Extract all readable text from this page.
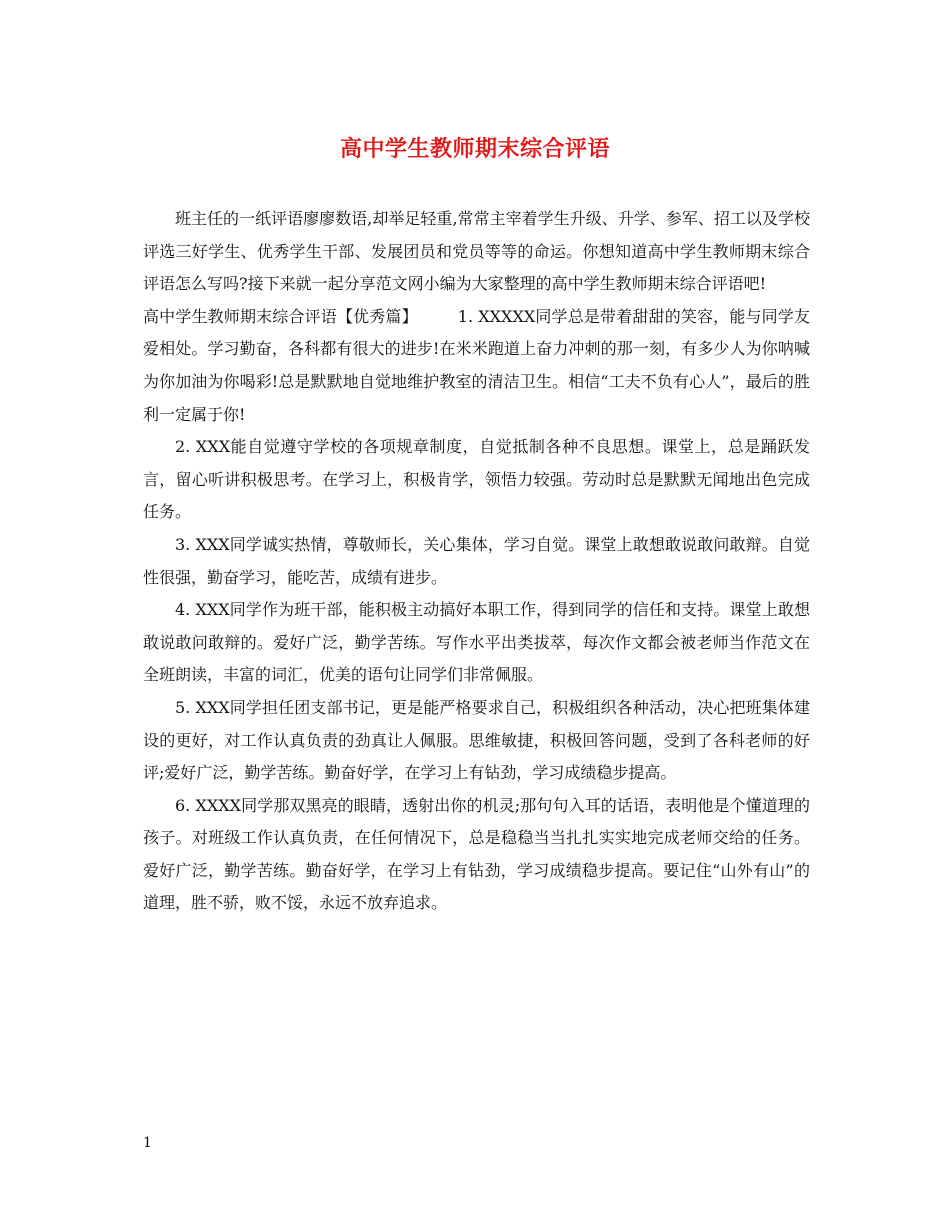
高中学生教师期末综合评语

班主任的一纸评语廖廖数语,却举足轻重,常常主宰着学生升级、升学、参军、招工以及学校评选三好学生、优秀学生干部、发展团员和党员等等的命运。你想知道高中学生教师期末综合评语怎么写吗?接下来就一起分享范文网小编为大家整理的高中学生教师期末综合评语吧!

高中学生教师期末综合评语【优秀篇】	1. XXXXX同学总是带着甜甜的笑容，能与同学友爱相处。学习勤奋，各科都有很大的进步!在米米跑道上奋力冲刺的那一刻，有多少人为你呐喊为你加油为你喝彩!总是默默地自觉地维护教室的清洁卫生。相信“工夫不负有心人”，最后的胜利一定属于你!

2. XXX能自觉遵守学校的各项规章制度，自觉抵制各种不良思想。课堂上，总是踊跃发言，留心听讲积极思考。在学习上，积极肯学，领悟力较强。劳动时总是默默无闻地出色完成任务。

3. XXX同学诚实热情，尊敬师长，关心集体，学习自觉。课堂上敢想敢说敢问敢辩。自觉性很强，勤奋学习，能吃苦，成绩有进步。

4. XXX同学作为班干部，能积极主动搞好本职工作，得到同学的信任和支持。课堂上敢想敢说敢问敢辩的。爱好广泛，勤学苦练。写作水平出类拔萃，每次作文都会被老师当作范文在全班朗读，丰富的词汇，优美的语句让同学们非常佩服。

5. XXX同学担任团支部书记，更是能严格要求自己，积极组织各种活动，决心把班集体建设的更好，对工作认真负责的劲真让人佩服。思维敏捷，积极回答问题，受到了各科老师的好评;爱好广泛，勤学苦练。勤奋好学，在学习上有钻劲，学习成绩稳步提高。

6. XXXX同学那双黑亮的眼睛，透射出你的机灵;那句句入耳的话语，表明他是个懂道理的孩子。对班级工作认真负责，在任何情况下，总是稳稳当当扎扎实实地完成老师交给的任务。爱好广泛，勤学苦练。勤奋好学，在学习上有钻劲，学习成绩稳步提高。要记住“山外有山”的道理，胜不骄，败不馁，永远不放弃追求。

1
